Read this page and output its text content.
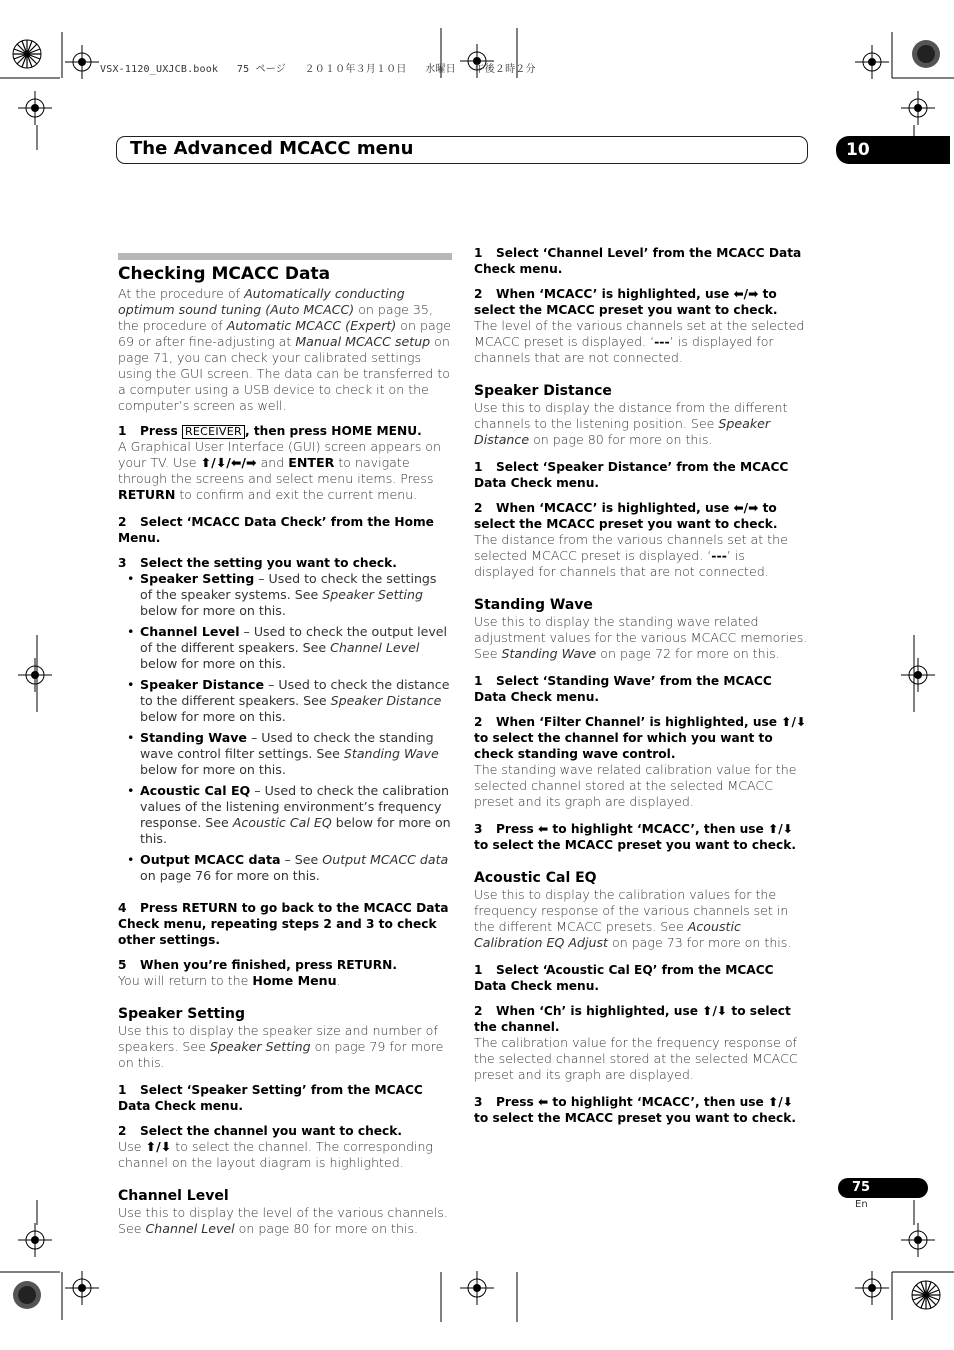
VSX-1120_UXJCB.book   75 ページ   ２０１０年３月１０日   水曜日   午後２時２分
The Advanced MCACC menu	10
Checking MCACC Data

At the procedure of Automatically conducting optimum sound tuning (Auto MCACC) on page 35, the procedure of Automatic MCACC (Expert) on page 69 or after fine-adjusting at Manual MCACC setup on page 71, you can check your calibrated settings using the GUI screen. The data can be transferred to a computer using a USB device to check it on the computer’s screen as well.

1 Press RECEIVER , then press HOME MENU.

A Graphical User Interface (GUI) screen appears on your TV. Use ⬆/⬇/⬅/➡ and ENTER to navigate through the screens and select menu items. Press RETURN to confirm and exit the current menu.

2 Select ‘MCACC Data Check’ from the Home Menu.
3 Select the setting you want to check.
• Speaker Setting – Used to check the settings of the speaker systems. See Speaker Setting below for more on this.
• Channel Level – Used to check the output level of the different speakers. See Channel Level below for more on this.
• Speaker Distance – Used to check the distance to the different speakers. See Speaker Distance below for more on this.
• Standing Wave – Used to check the standing wave control filter settings. See Standing Wave below for more on this.
• Acoustic Cal EQ – Used to check the calibration values of the listening environment’s frequency response. See Acoustic Cal EQ below for more on this.
• Output MCACC data – See Output MCACC data on page 76 for more on this.
4 Press RETURN to go back to the MCACC Data Check menu, repeating steps 2 and 3 to check other settings.
5 When you’re finished, press RETURN.

You will return to the Home Menu.

Speaker Setting

Use this to display the speaker size and number of speakers. See Speaker Setting on page 79 for more on this.

1 Select ‘Speaker Setting’ from the MCACC Data Check menu.
2 Select the channel you want to check.

Use ⬆/⬇ to select the channel. The corresponding channel on the layout diagram is highlighted.

Channel Level

Use this to display the level of the various channels. See Channel Level on page 80 for more on this.

1 Select ‘Channel Level’ from the MCACC Data Check menu.
2 When ‘MCACC’ is highlighted, use ⬅/➡ to select the MCACC preset you want to check.

The level of the various channels set at the selected MCACC preset is displayed. ‘---’ is displayed for channels that are not connected.

Speaker Distance

Use this to display the distance from the different channels to the listening position. See Speaker Distance on page 80 for more on this.

1 Select ‘Speaker Distance’ from the MCACC Data Check menu.
2 When ‘MCACC’ is highlighted, use ⬅/➡ to select the MCACC preset you want to check.

The distance from the various channels set at the selected MCACC preset is displayed. ‘---’ is displayed for channels that are not connected.

Standing Wave

Use this to display the standing wave related adjustment values for the various MCACC memories. See Standing Wave on page 72 for more on this.

1 Select ‘Standing Wave’ from the MCACC Data Check menu.
2 When ‘Filter Channel’ is highlighted, use ⬆/⬇ to select the channel for which you want to check standing wave control.

The standing wave related calibration value for the selected channel stored at the selected MCACC preset and its graph are displayed.

3 Press ⬅ to highlight ‘MCACC’, then use ⬆/⬇ to select the MCACC preset you want to check.
Acoustic Cal EQ

Use this to display the calibration values for the frequency response of the various channels set in the different MCACC presets. See Acoustic Calibration EQ Adjust on page 73 for more on this.

1 Select ‘Acoustic Cal EQ’ from the MCACC Data Check menu.
2 When ‘Ch’ is highlighted, use ⬆/⬇ to select the channel.

The calibration value for the frequency response of the selected channel stored at the selected MCACC preset and its graph are displayed.

3 Press ⬅ to highlight ‘MCACC’, then use ⬆/⬇ to select the MCACC preset you want to check.
75
En
